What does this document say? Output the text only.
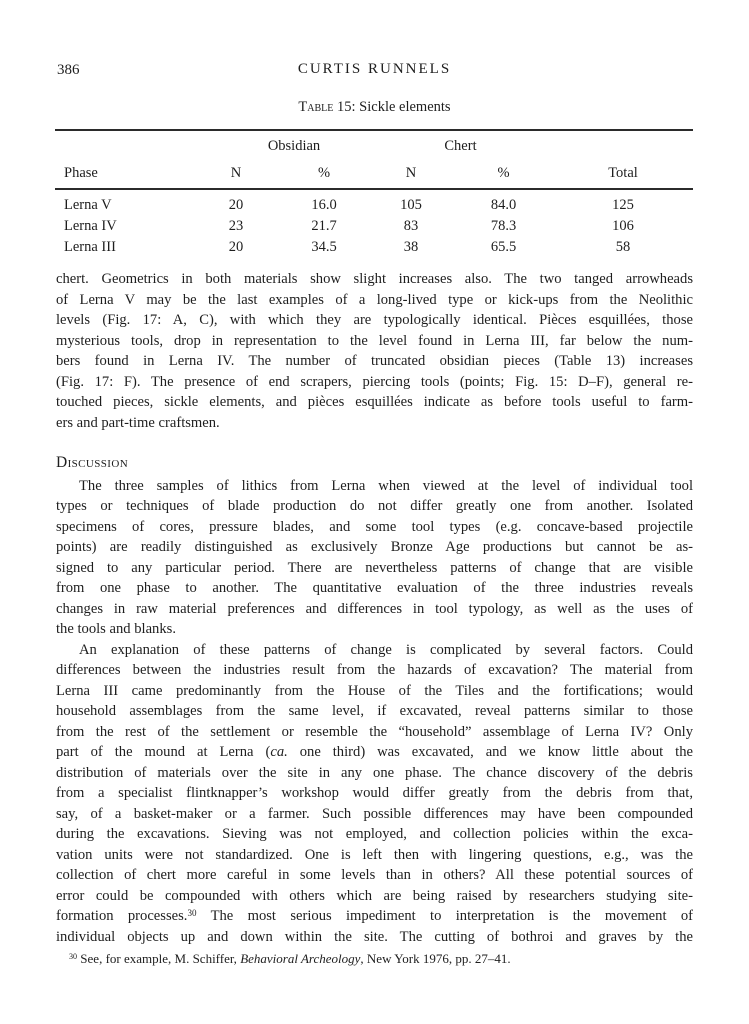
386	CURTIS RUNNELS
Table 15: Sickle elements
Obsidian	Chert
Phase	N	%	N	%	Total
Lerna V	20	16.0	105	84.0	125
Lerna IV	23	21.7	83	78.3	106
Lerna III	20	34.5	38	65.5	58
chert. Geometrics in both materials show slight increases also. The two tanged arrowheads
of Lerna V may be the last examples of a long-lived type or kick-ups from the Neolithic
levels (Fig. 17: A, C), with which they are typologically identical. Pièces esquillées, those
mysterious tools, drop in representation to the level found in Lerna III, far below the num-
bers found in Lerna IV. The number of truncated obsidian pieces (Table 13) increases
(Fig. 17: F). The presence of end scrapers, piercing tools (points; Fig. 15: D–F), general re-
touched pieces, sickle elements, and pièces esquillées indicate as before tools useful to farm-
ers and part-time craftsmen.
Discussion
The three samples of lithics from Lerna when viewed at the level of individual tool
types or techniques of blade production do not differ greatly one from another. Isolated
specimens of cores, pressure blades, and some tool types (e.g. concave-based projectile
points) are readily distinguished as exclusively Bronze Age productions but cannot be as-
signed to any particular period. There are nevertheless patterns of change that are visible
from one phase to another. The quantitative evaluation of the three industries reveals
changes in raw material preferences and differences in tool typology, as well as the uses of
the tools and blanks.
An explanation of these patterns of change is complicated by several factors. Could
differences between the industries result from the hazards of excavation? The material from
Lerna III came predominantly from the House of the Tiles and the fortifications; would
household assemblages from the same level, if excavated, reveal patterns similar to those
from the rest of the settlement or resemble the “household” assemblage of Lerna IV? Only
part of the mound at Lerna (ca. one third) was excavated, and we know little about the
distribution of materials over the site in any one phase. The chance discovery of the debris
from a specialist flintknapper’s workshop would differ greatly from the debris from that,
say, of a basket-maker or a farmer. Such possible differences may have been compounded
during the excavations. Sieving was not employed, and collection policies within the exca-
vation units were not standardized. One is left then with lingering questions, e.g., was the
collection of chert more careful in some levels than in others? All these potential sources of
error could be compounded with others which are being raised by researchers studying site-
formation processes.$^{30}$ The most serious impediment to interpretation is the movement of
individual objects up and down within the site. The cutting of bothroi and graves by the
$^{30}$ See, for example, M. Schiffer, Behavioral Archeology, New York 1976, pp. 27–41.
